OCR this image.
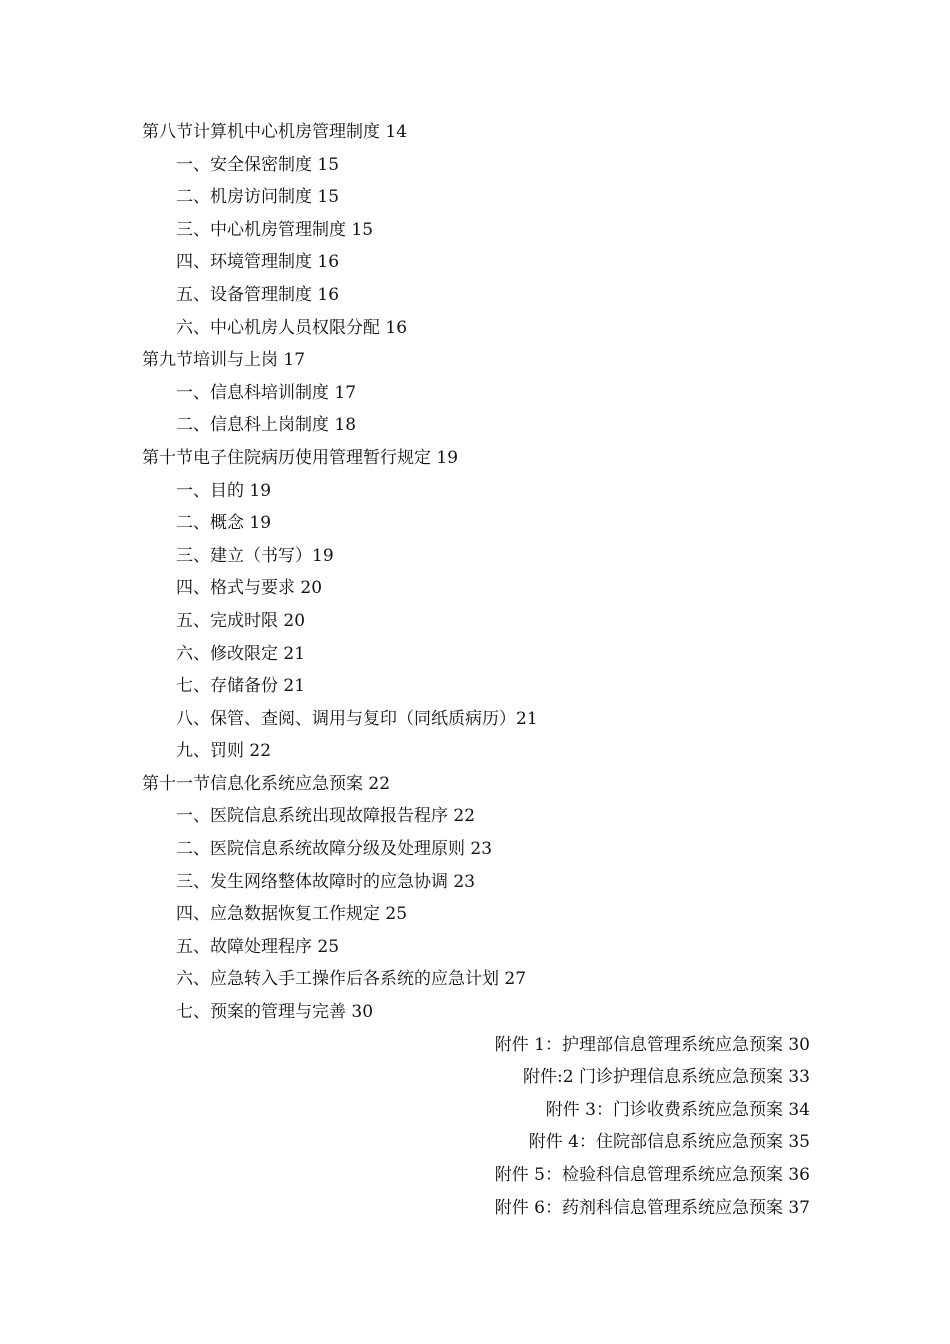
第八节计算机中心机房管理制度 14
一、安全保密制度 15
二、机房访问制度 15
三、中心机房管理制度 15
四、环境管理制度 16
五、设备管理制度 16
六、中心机房人员权限分配 16
第九节培训与上岗 17
一、信息科培训制度 17
二、信息科上岗制度 18
第十节电子住院病历使用管理暂行规定 19
一、目的 19
二、概念 19
三、建立（书写）19
四、格式与要求 20
五、完成时限 20
六、修改限定 21
七、存储备份 21
八、保管、查阅、调用与复印（同纸质病历）21
九、罚则 22
第十一节信息化系统应急预案 22
一、医院信息系统出现故障报告程序 22
二、医院信息系统故障分级及处理原则 23
三、发生网络整体故障时的应急协调 23
四、应急数据恢复工作规定 25
五、故障处理程序 25
六、应急转入手工操作后各系统的应急计划 27
七、预案的管理与完善 30
附件 1：护理部信息管理系统应急预案 30
附件:2 门诊护理信息系统应急预案 33
附件 3：门诊收费系统应急预案 34
附件 4：住院部信息系统应急预案 35
附件 5：检验科信息管理系统应急预案 36
附件 6：药剂科信息管理系统应急预案 37
